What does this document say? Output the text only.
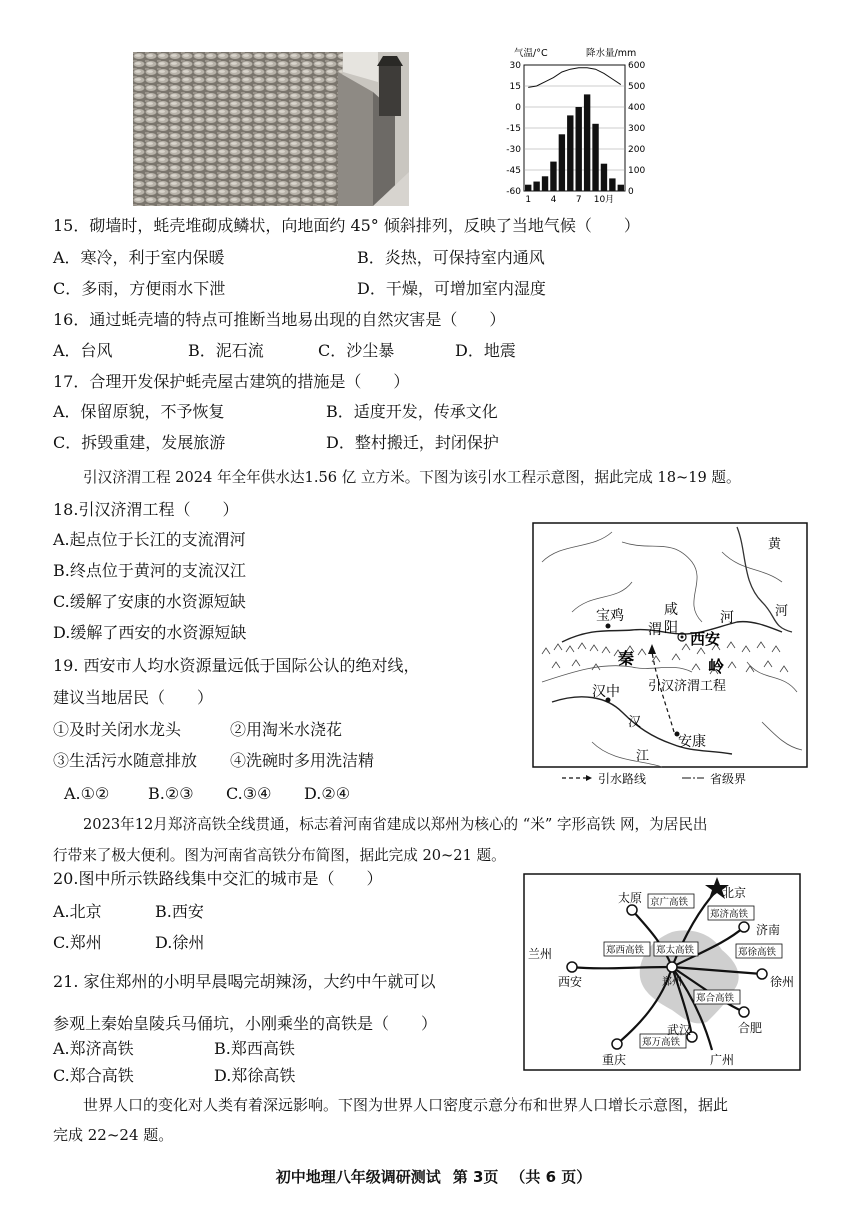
气温/°C	降水量/mm
30
15
0
-15
-30
-45
-60
600
500
400
300
200
100
0
1 4 7 10月
15．砌墙时，蚝壳堆砌成鳞状，向地面约 45° 倾斜排列，反映了当地气候（　　）
A．寒冷，利于室内保暖	B．炎热，可保持室内通风
C．多雨，方便雨水下泄	D．干燥，可增加室内湿度
16．通过蚝壳墙的特点可推断当地易出现的自然灾害是（　　）
A．台风	B．泥石流	C．沙尘暴	D．地震
17．合理开发保护蚝壳屋古建筑的措施是（　　）
A．保留原貌，不予恢复	B．适度开发，传承文化
C．拆毁重建，发展旅游	D．整村搬迁，封闭保护
引汉济渭工程 2024 年全年供水达1.56 亿 立方米。下图为该引水工程示意图，据此完成 18~19 题。
18.引汉济渭工程（　　）
A.起点位于长江的支流渭河
B.终点位于黄河的支流汉江
C.缓解了安康的水资源短缺
D.缓解了西安的水资源短缺
19. 西安市人均水资源量远低于国际公认的绝对线，
建议当地居民（　　）
①及时关闭水龙头	②用淘米水浇花
③生活污水随意排放 ④洗碗时多用洗洁精
A.①② B.②③ C.③④ D.②④
黄
河
咸
阳
河
宝鸡
渭 西安
秦	岭
汉中 引汉济渭工程
汉
江
安康
引水路线	省级界
2023年12月郑济高铁全线贯通，标志着河南省建成以郑州为核心的 “米” 字形高铁 网，为居民出
行带来了极大便利。图为河南省高铁分布简图，据此完成 20~21 题。
20.图中所示铁路线集中交汇的城市是（　　）
A.北京	B.西安
C.郑州	D.徐州
21. 家住郑州的小明早晨喝完胡辣汤，大约中午就可以
参观上秦始皇陵兵马俑坑，小刚乘坐的高铁是（　　）
A.郑济高铁	B.郑西高铁
C.郑合高铁	D.郑徐高铁
北京
京广高铁
太原
郑济高铁
济南
兰州	郑西高铁 郑太高铁	郑徐高铁
郑州	徐州
西安
郑合高铁
合肥
郑万高铁
武汉
重庆	广州
世界人口的变化对人类有着深远影响。下图为世界人口密度示意分布和世界人口增长示意图，据此
完成 22~24 题。
初中地理八年级调研测试 第 3页 （共 6 页）
